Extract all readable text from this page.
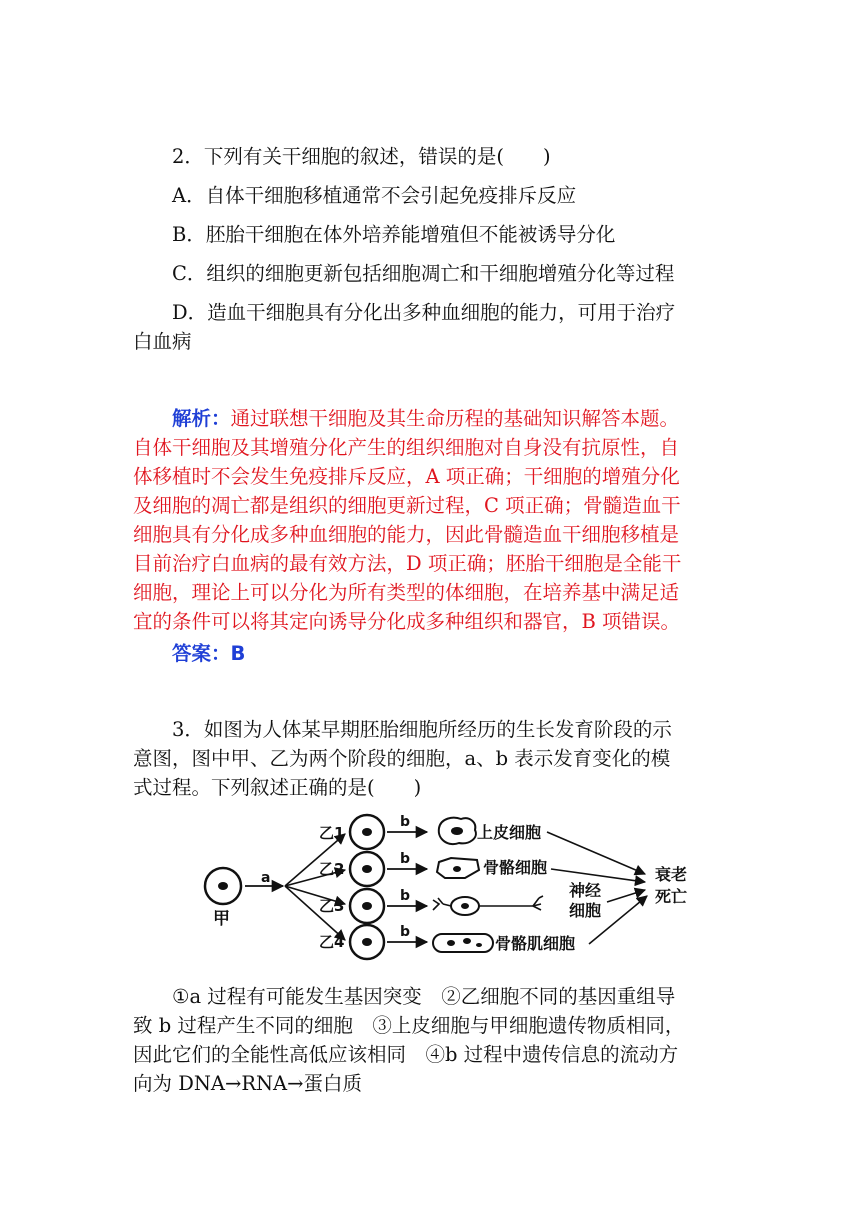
2．下列有关干细胞的叙述，错误的是(　　)
A．自体干细胞移植通常不会引起免疫排斥反应
B．胚胎干细胞在体外培养能增殖但不能被诱导分化
C．组织的细胞更新包括细胞凋亡和干细胞增殖分化等过程
D．造血干细胞具有分化出多种血细胞的能力，可用于治疗
白血病
解析：通过联想干细胞及其生命历程的基础知识解答本题。
自体干细胞及其增殖分化产生的组织细胞对自身没有抗原性，自
体移植时不会发生免疫排斥反应，A 项正确；干细胞的增殖分化
及细胞的凋亡都是组织的细胞更新过程，C 项正确；骨髓造血干
细胞具有分化成多种血细胞的能力，因此骨髓造血干细胞移植是
目前治疗白血病的最有效方法，D 项正确；胚胎干细胞是全能干
细胞，理论上可以分化为所有类型的体细胞，在培养基中满足适
宜的条件可以将其定向诱导分化成多种组织和器官，B 项错误。
答案：B
3．如图为人体某早期胚胎细胞所经历的生长发育阶段的示
意图，图中甲、乙为两个阶段的细胞，a、b 表示发育变化的模
式过程。下列叙述正确的是(　　)
甲
a
乙1
乙2
乙3
乙4
b
b
b
b
上皮细胞
骨骼细胞
神经
细胞
骨骼肌细胞
衰老
死亡
①a 过程有可能发生基因突变　②乙细胞不同的基因重组导
致 b 过程产生不同的细胞　③上皮细胞与甲细胞遗传物质相同，
因此它们的全能性高低应该相同　④b 过程中遗传信息的流动方
向为 DNA→RNA→蛋白质
